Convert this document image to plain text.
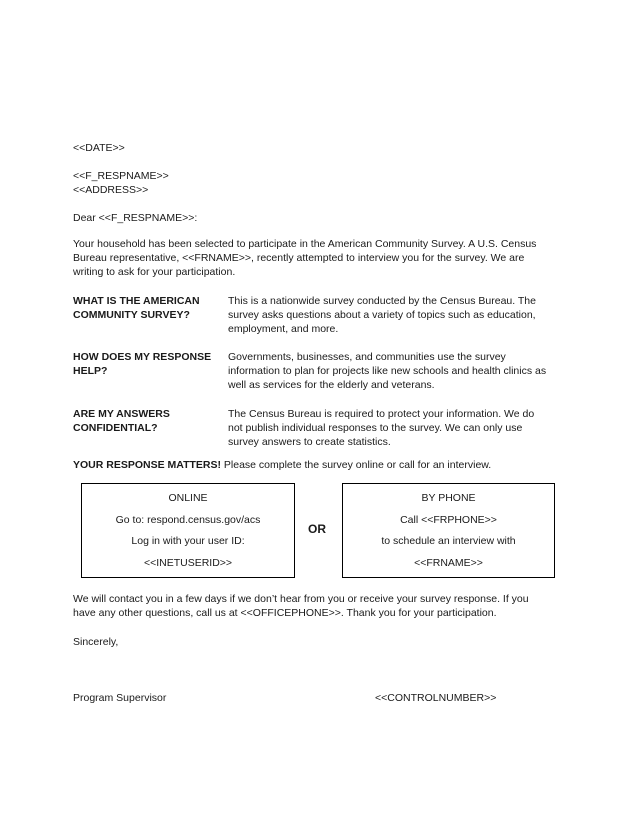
<<DATE>>
<<F_RESPNAME>>
<<ADDRESS>>
Dear <<F_RESPNAME>>:
Your household has been selected to participate in the American Community Survey. A U.S. Census Bureau representative, <<FRNAME>>, recently attempted to interview you for the survey. We are writing to ask for your participation.
WHAT IS THE AMERICAN COMMUNITY SURVEY?
This is a nationwide survey conducted by the Census Bureau. The survey asks questions about a variety of topics such as education, employment, and more.
HOW DOES MY RESPONSE HELP?
Governments, businesses, and communities use the survey information to plan for projects like new schools and health clinics as well as services for the elderly and veterans.
ARE MY ANSWERS CONFIDENTIAL?
The Census Bureau is required to protect your information. We do not publish individual responses to the survey. We can only use survey answers to create statistics.
YOUR RESPONSE MATTERS! Please complete the survey online or call for an interview.
ONLINE
Go to: respond.census.gov/acs
Log in with your user ID:
<<INETUSERID>>
OR
BY PHONE
Call <<FRPHONE>>
to schedule an interview with
<<FRNAME>>
We will contact you in a few days if we don’t hear from you or receive your survey response. If you have any other questions, call us at <<OFFICEPHONE>>. Thank you for your participation.
Sincerely,
Program Supervisor	<<CONTROLNUMBER>>
